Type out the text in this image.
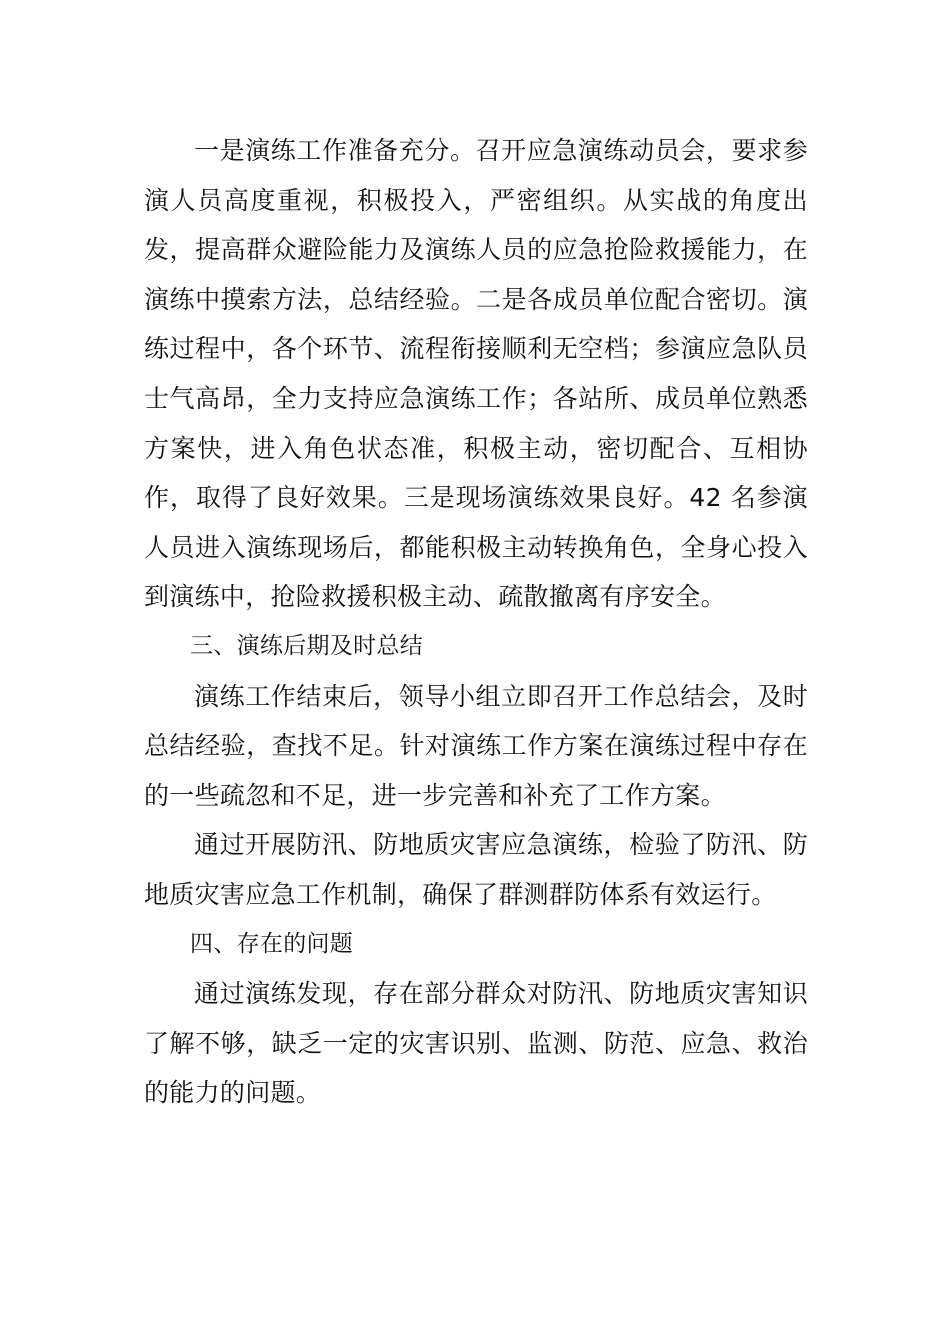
一是演练工作准备充分。召开应急演练动员会，要求参演人员高度重视，积极投入，严密组织。从实战的角度出发，提高群众避险能力及演练人员的应急抢险救援能力，在演练中摸索方法，总结经验。二是各成员单位配合密切。演练过程中，各个环节、流程衔接顺利无空档；参演应急队员士气高昂，全力支持应急演练工作；各站所、成员单位熟悉方案快，进入角色状态准，积极主动，密切配合、互相协作，取得了良好效果。三是现场演练效果良好。42 名参演人员进入演练现场后，都能积极主动转换角色，全身心投入到演练中，抢险救援积极主动、疏散撤离有序安全。

三、演练后期及时总结

演练工作结束后，领导小组立即召开工作总结会，及时总结经验，查找不足。针对演练工作方案在演练过程中存在的一些疏忽和不足，进一步完善和补充了工作方案。

通过开展防汛、防地质灾害应急演练，检验了防汛、防地质灾害应急工作机制，确保了群测群防体系有效运行。

四、存在的问题

通过演练发现，存在部分群众对防汛、防地质灾害知识了解不够，缺乏一定的灾害识别、监测、防范、应急、救治的能力的问题。
